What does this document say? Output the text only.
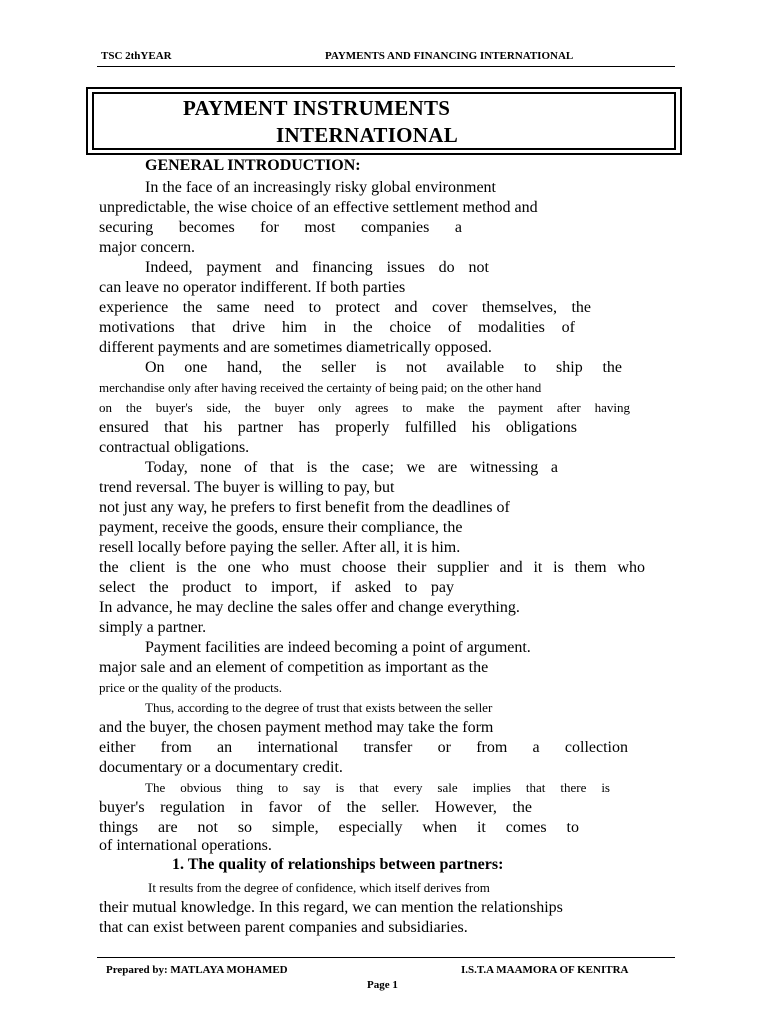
TSC 2thYEAR	PAYMENTS AND FINANCING INTERNATIONAL
PAYMENT INSTRUMENTS
INTERNATIONAL
GENERAL INTRODUCTION:
In the face of an increasingly risky global environment
unpredictable, the wise choice of an effective settlement method and
securing becomes for most companies a
major concern.
Indeed, payment and financing issues do not
can leave no operator indifferent. If both parties
experience the same need to protect and cover themselves, the
motivations that drive him in the choice of modalities of
different payments and are sometimes diametrically opposed.
On one hand, the seller is not available to ship the
merchandise only after having received the certainty of being paid; on the other hand
on the buyer's side, the buyer only agrees to make the payment after having
ensured that his partner has properly fulfilled his obligations
contractual obligations.
Today, none of that is the case; we are witnessing a
trend reversal. The buyer is willing to pay, but
not just any way, he prefers to first benefit from the deadlines of
payment, receive the goods, ensure their compliance, the
resell locally before paying the seller. After all, it is him.
the client is the one who must choose their supplier and it is them who
select the product to import, if asked to pay
In advance, he may decline the sales offer and change everything.
simply a partner.
Payment facilities are indeed becoming a point of argument.
major sale and an element of competition as important as the
price or the quality of the products.
Thus, according to the degree of trust that exists between the seller
and the buyer, the chosen payment method may take the form
either from an international transfer or from a collection
documentary or a documentary credit.
The obvious thing to say is that every sale implies that there is
buyer's regulation in favor of the seller. However, the
things are not so simple, especially when it comes to
of international operations.
1. The quality of relationships between partners:
It results from the degree of confidence, which itself derives from
their mutual knowledge. In this regard, we can mention the relationships
that can exist between parent companies and subsidiaries.
Prepared by: MATLAYA MOHAMED	I.S.T.A MAAMORA OF KENITRA
Page 1
